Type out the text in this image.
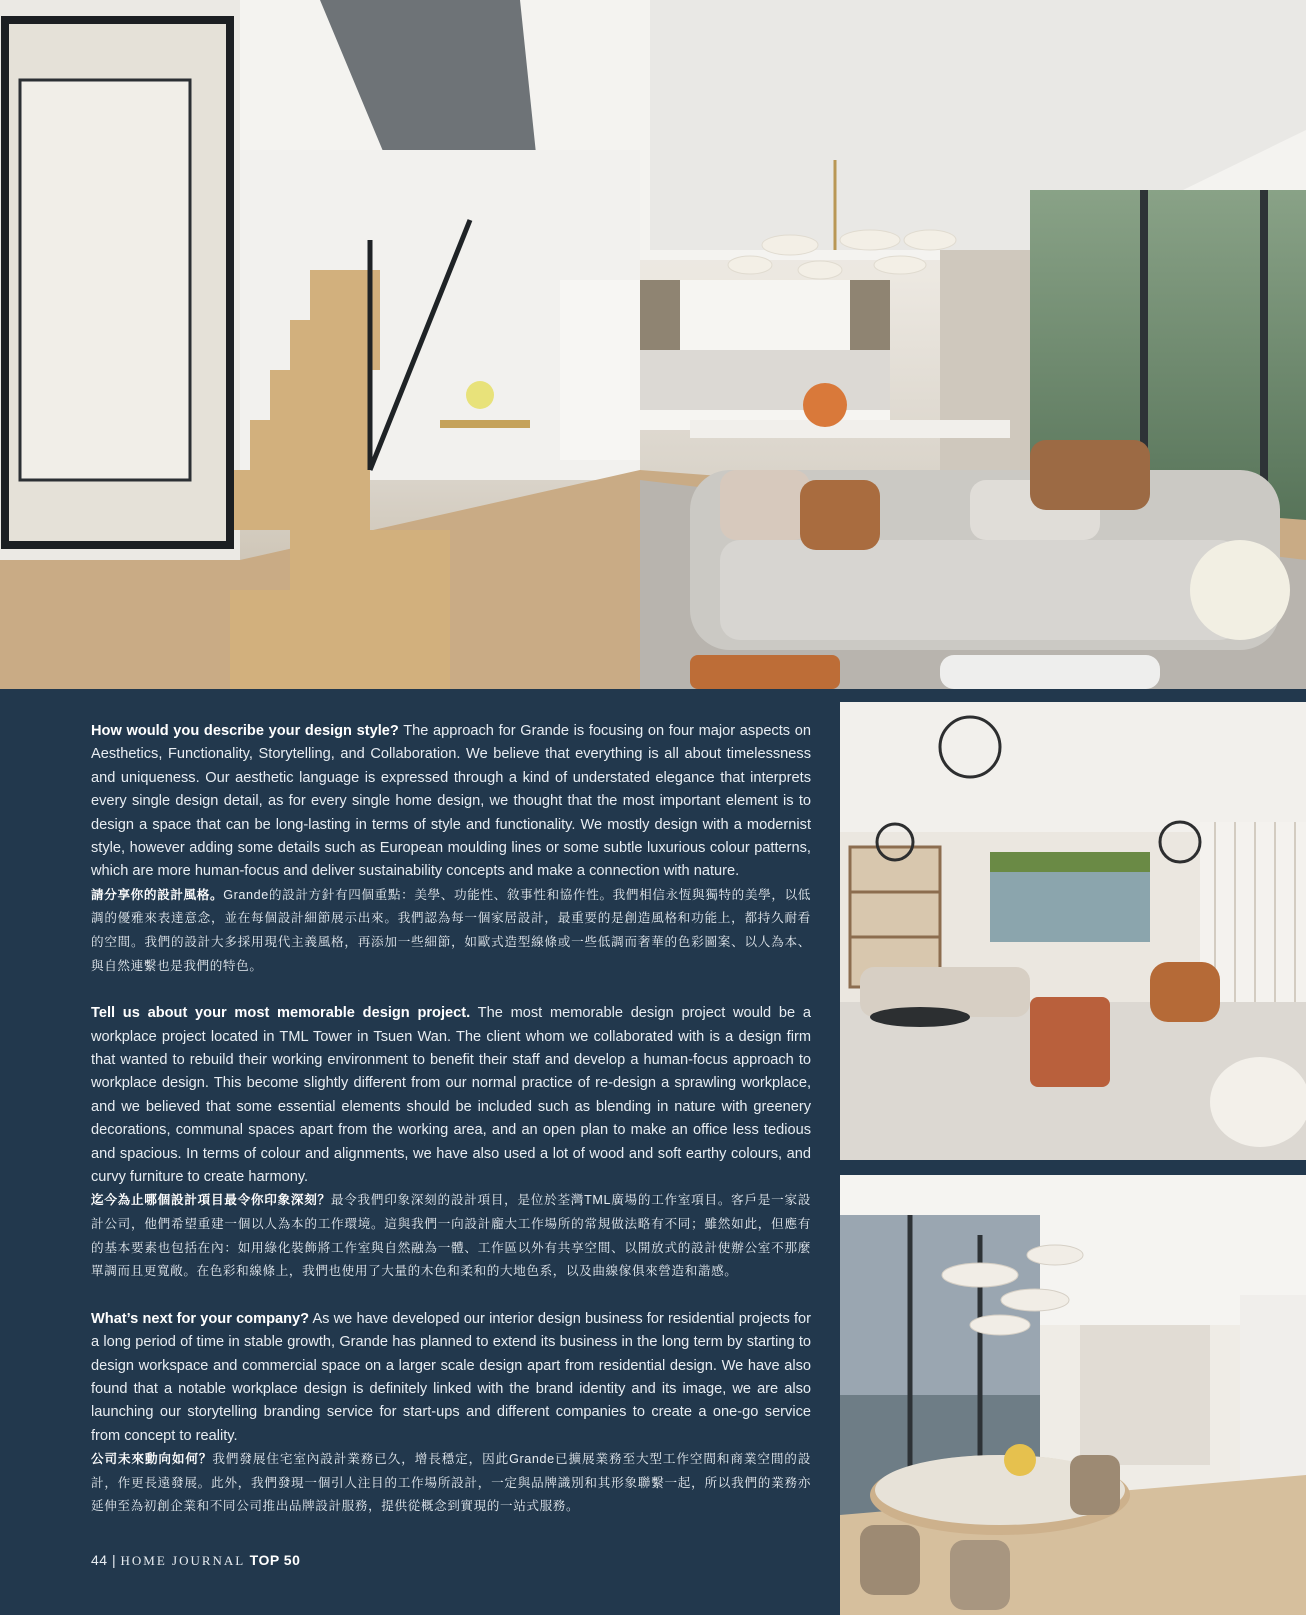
How would you describe your design style? The approach for Grande is focusing on four major aspects on Aesthetics, Functionality, Storytelling, and Collaboration. We believe that everything is all about timelessness and uniqueness. Our aesthetic language is expressed through a kind of understated elegance that interprets every single design detail, as for every single home design, we thought that the most important element is to design a space that can be long-lasting in terms of style and functionality. We mostly design with a modernist style, however adding some details such as European moulding lines or some subtle luxurious colour patterns, which are more human-focus and deliver sustainability concepts and make a connection with nature.

請分享你的設計風格。Grande的設計方針有四個重點：美學、功能性、敘事性和協作性。我們相信永恆與獨特的美學，以低調的優雅來表達意念，並在每個設計細節展示出來。我們認為每一個家居設計，最重要的是創造風格和功能上，都持久耐看的空間。我們的設計大多採用現代主義風格，再添加一些細節，如歐式造型線條或一些低調而奢華的色彩圖案、以人為本、與自然連繫也是我們的特色。

Tell us about your most memorable design project. The most memorable design project would be a workplace project located in TML Tower in Tsuen Wan. The client whom we collaborated with is a design firm that wanted to rebuild their working environment to benefit their staff and develop a human-focus approach to workplace design. This become slightly different from our normal practice of re-design a sprawling workplace, and we believed that some essential elements should be included such as blending in nature with greenery decorations, communal spaces apart from the working area, and an open plan to make an office less tedious and spacious. In terms of colour and alignments, we have also used a lot of wood and soft earthy colours, and curvy furniture to create harmony.

迄今為止哪個設計項目最令你印象深刻？最令我們印象深刻的設計項目，是位於荃灣TML廣場的工作室項目。客戶是一家設計公司，他們希望重建一個以人為本的工作環境。這與我們一向設計龐大工作場所的常規做法略有不同；雖然如此，但應有的基本要素也包括在內：如用綠化裝飾將工作室與自然融為一體、工作區以外有共享空間、以開放式的設計使辦公室不那麼單調而且更寬敞。在色彩和線條上，我們也使用了大量的木色和柔和的大地色系，以及曲線傢俱來營造和諧感。

What’s next for your company? As we have developed our interior design business for residential projects for a long period of time in stable growth, Grande has planned to extend its business in the long term by starting to design workspace and commercial space on a larger scale design apart from residential design. We have also found that a notable workplace design is definitely linked with the brand identity and its image, we are also launching our storytelling branding service for start-ups and different companies to create a one-go service from concept to reality.

公司未來動向如何？我們發展住宅室內設計業務已久，增長穩定，因此Grande已擴展業務至大型工作空間和商業空間的設計，作更長遠發展。此外，我們發現一個引人注目的工作場所設計，一定與品牌識別和其形象聯繫一起，所以我們的業務亦延伸至為初創企業和不同公司推出品牌設計服務，提供從概念到實現的一站式服務。

44 | HOME JOURNAL TOP 50
